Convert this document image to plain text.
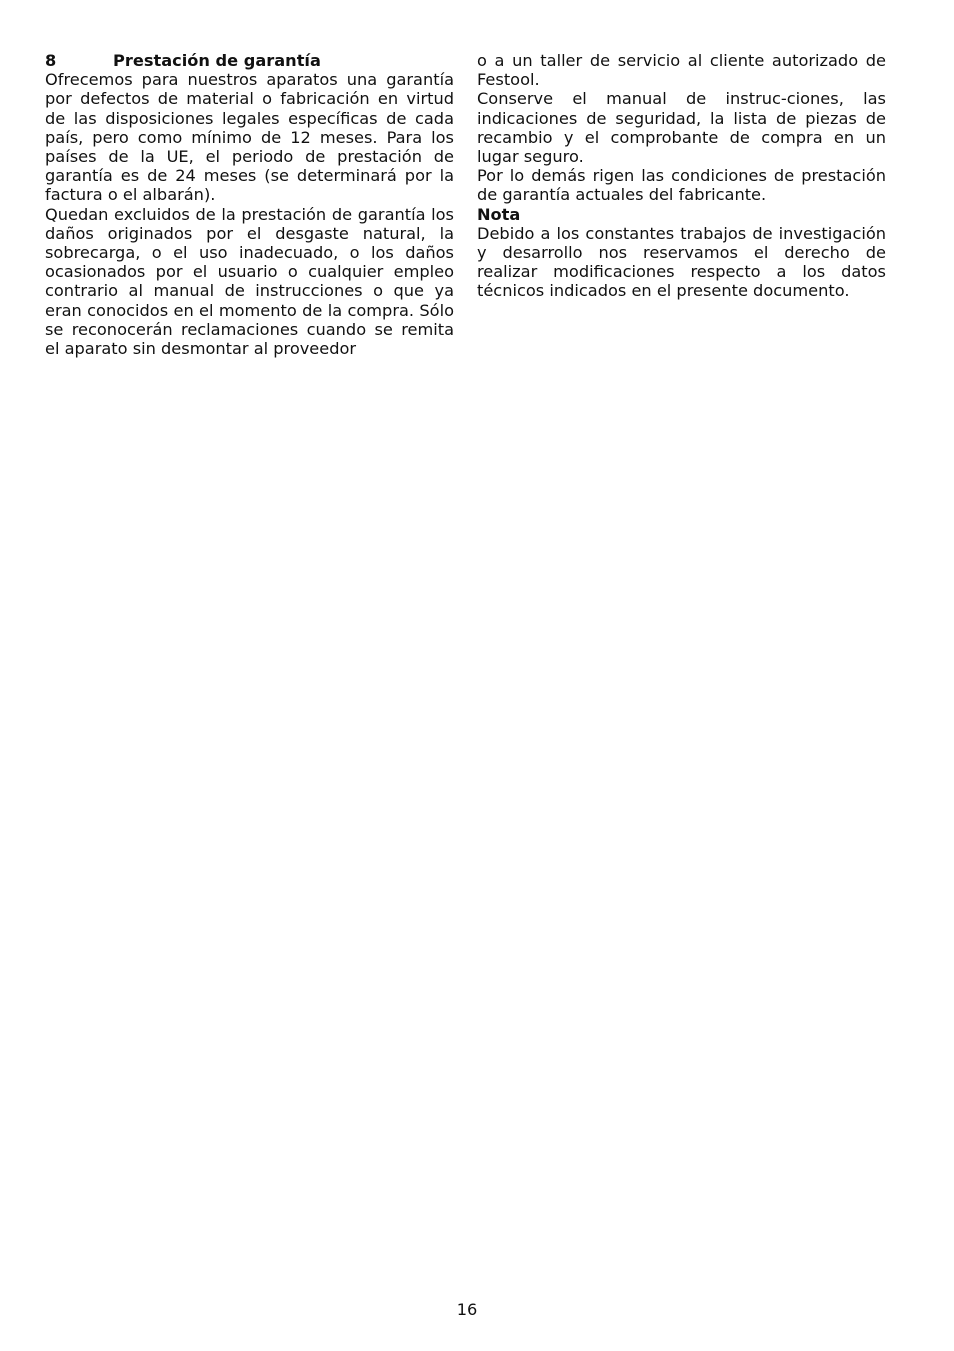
8	Prestación de garantía

Ofrecemos para nuestros aparatos una garantía por defectos de material o fabricación en virtud de las disposiciones legales específicas de cada país, pero como mínimo de 12 meses. Para los países de la UE, el periodo de prestación de garantía es de 24 meses (se determinará por la factura o el albarán).

Quedan excluidos de la prestación de garantía los daños originados por el desgaste natural, la sobrecarga, o el uso inadecuado, o los daños ocasionados por el usuario o cualquier empleo contrario al manual de instrucciones o que ya eran conocidos en el momento de la compra. Sólo se reconocerán reclamaciones cuando se remita el aparato sin desmontar al proveedor

o a un taller de servicio al cliente autorizado de Festool.

Conserve el manual de instruc-ciones, las indicaciones de seguridad, la lista de piezas de recambio y el comprobante de compra en un lugar seguro.

Por lo demás rigen las condiciones de prestación de garantía actuales del fabricante.

Nota

Debido a los constantes trabajos de investigación y desarrollo nos reservamos el derecho de realizar modificaciones respecto a los datos técnicos indicados en el presente documento.

16
